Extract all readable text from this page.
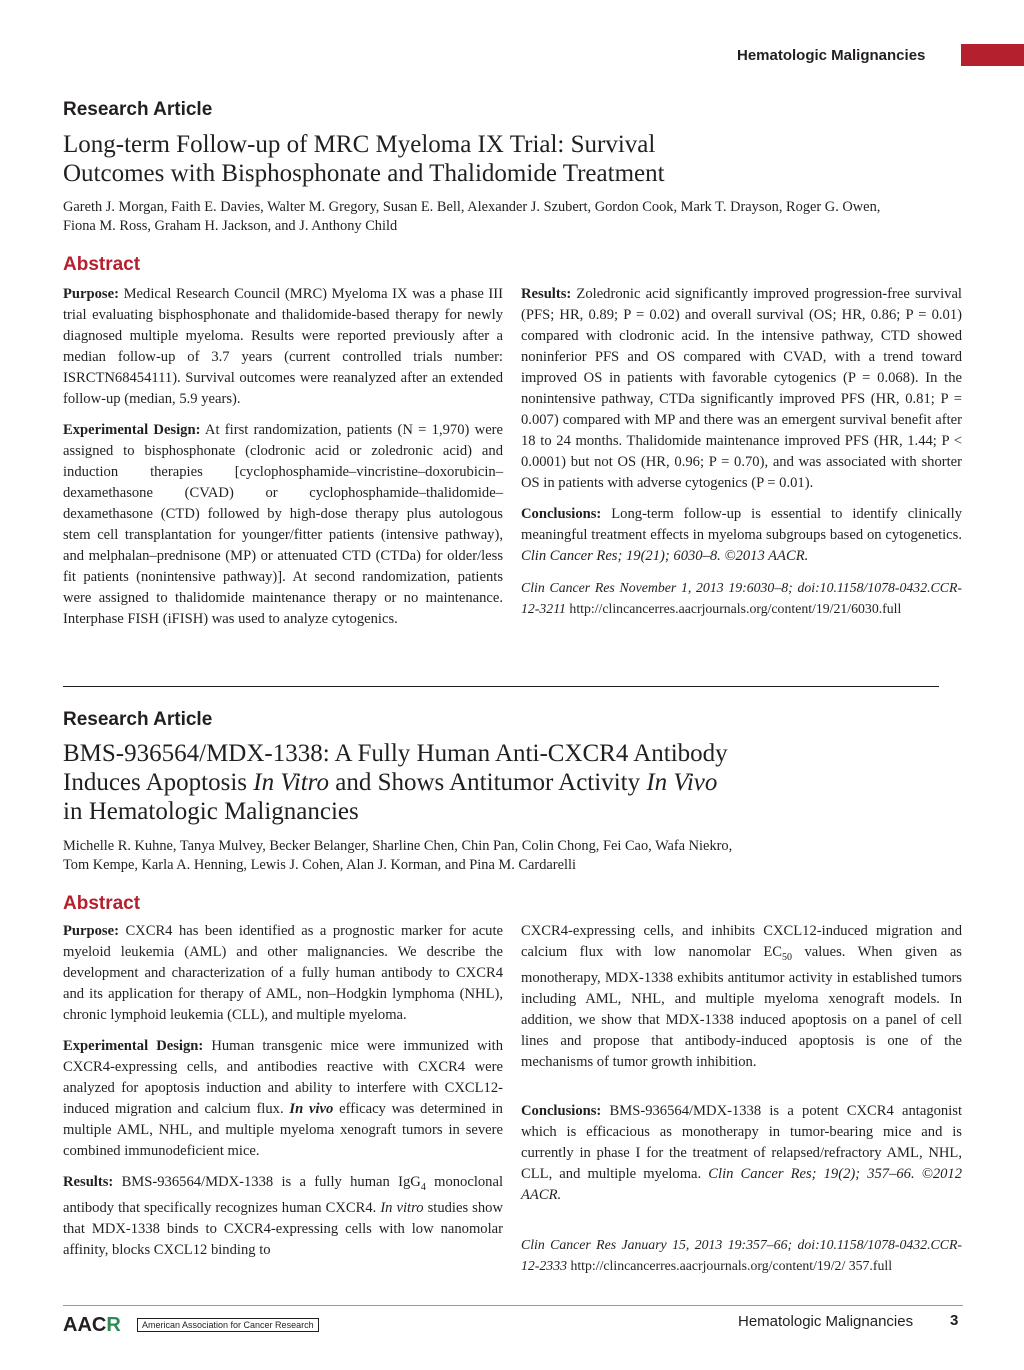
Hematologic Malignancies
Research Article
Long-term Follow-up of MRC Myeloma IX Trial: Survival
Outcomes with Bisphosphonate and Thalidomide Treatment
Gareth J. Morgan, Faith E. Davies, Walter M. Gregory, Susan E. Bell, Alexander J. Szubert, Gordon Cook, Mark T. Drayson, Roger G. Owen,
Fiona M. Ross, Graham H. Jackson, and J. Anthony Child
Abstract

Purpose: Medical Research Council (MRC) Myeloma IX was a phase III trial evaluating bisphosphonate and thalidomide-based therapy for newly diagnosed multiple myeloma. Results were reported previously after a median follow-up of 3.7 years (current controlled trials number: ISRCTN68454111). Survival outcomes were reanalyzed after an extended follow-up (median, 5.9 years).

Experimental Design: At first randomization, patients (N = 1,970) were assigned to bisphosphonate (clodronic acid or zoledronic acid) and induction therapies [cyclophosphamide–vincristine–doxorubicin–dexamethasone (CVAD) or cyclophosphamide–thalidomide–dexamethasone (CTD) followed by high-dose therapy plus autologous stem cell transplantation for younger/fitter patients (intensive pathway), and melphalan–prednisone (MP) or attenuated CTD (CTDa) for older/less fit patients (nonintensive pathway)]. At second randomization, patients were assigned to thalidomide maintenance therapy or no maintenance. Interphase FISH (iFISH) was used to analyze cytogenics.

Results: Zoledronic acid significantly improved progression-free survival (PFS; HR, 0.89; P = 0.02) and overall survival (OS; HR, 0.86; P = 0.01) compared with clodronic acid. In the intensive pathway, CTD showed noninferior PFS and OS compared with CVAD, with a trend toward improved OS in patients with favorable cytogenics (P = 0.068). In the nonintensive pathway, CTDa significantly improved PFS (HR, 0.81; P = 0.007) compared with MP and there was an emergent survival benefit after 18 to 24 months. Thalidomide maintenance improved PFS (HR, 1.44; P < 0.0001) but not OS (HR, 0.96; P = 0.70), and was associated with shorter OS in patients with adverse cytogenics (P = 0.01).

Conclusions: Long-term follow-up is essential to identify clinically meaningful treatment effects in myeloma subgroups based on cytogenetics. Clin Cancer Res; 19(21); 6030–8. ©2013 AACR.

Clin Cancer Res November 1, 2013 19:6030–8; doi:10.1158/1078-0432.CCR-12-3211 http://clincancerres.aacrjournals.org/content/19/21/6030.full

Research Article
BMS-936564/MDX-1338: A Fully Human Anti-CXCR4 Antibody
Induces Apoptosis In Vitro and Shows Antitumor Activity In Vivo
in Hematologic Malignancies
Michelle R. Kuhne, Tanya Mulvey, Becker Belanger, Sharline Chen, Chin Pan, Colin Chong, Fei Cao, Wafa Niekro,
Tom Kempe, Karla A. Henning, Lewis J. Cohen, Alan J. Korman, and Pina M. Cardarelli
Abstract

Purpose: CXCR4 has been identified as a prognostic marker for acute myeloid leukemia (AML) and other malignancies. We describe the development and characterization of a fully human antibody to CXCR4 and its application for therapy of AML, non–Hodgkin lymphoma (NHL), chronic lymphoid leukemia (CLL), and multiple myeloma.

Experimental Design: Human transgenic mice were immunized with CXCR4-expressing cells, and antibodies reactive with CXCR4 were analyzed for apoptosis induction and ability to interfere with CXCL12-induced migration and calcium flux. In vivo efficacy was determined in multiple AML, NHL, and multiple myeloma xenograft tumors in severe combined immunodeficient mice.

Results: BMS-936564/MDX-1338 is a fully human IgG$_4$ monoclonal antibody that specifically recognizes human CXCR4. In vitro studies show that MDX-1338 binds to CXCR4-expressing cells with low nanomolar affinity, blocks CXCL12 binding to

CXCR4-expressing cells, and inhibits CXCL12-induced migration and calcium flux with low nanomolar $EC_{50}$ values. When given as monotherapy, MDX-1338 exhibits antitumor activity in established tumors including AML, NHL, and multiple myeloma xenograft models. In addition, we show that MDX-1338 induced apoptosis on a panel of cell lines and propose that antibody-induced apoptosis is one of the mechanisms of tumor growth inhibition.

Conclusions: BMS-936564/MDX-1338 is a potent CXCR4 antagonist which is efficacious as monotherapy in tumor-bearing mice and is currently in phase I for the treatment of relapsed/refractory AML, NHL, CLL, and multiple myeloma. Clin Cancer Res; 19(2); 357–66. ©2012 AACR.

Clin Cancer Res January 15, 2013 19:357–66; doi:10.1158/1078-0432.CCR-12-2333 http://clincancerres.aacrjournals.org/content/19/2/ 357.full

AACR	American Association for Cancer Research	Hematologic Malignancies 3
